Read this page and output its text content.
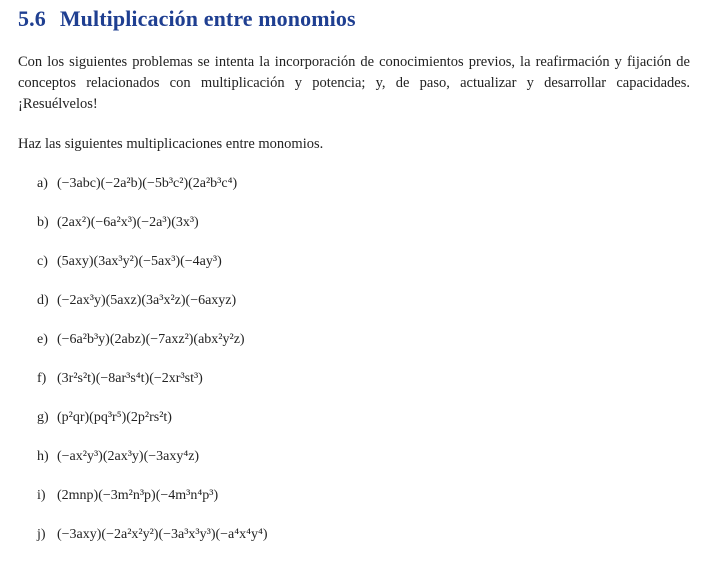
5.6 Multiplicación entre monomios

Con los siguientes problemas se intenta la incorporación de conocimientos previos, la reafirmación y fijación de conceptos relacionados con multiplicación y potencia; y, de paso, actualizar y desarrollar capacidades. ¡Resuélvelos!

Haz las siguientes multiplicaciones entre monomios.

a) (−3abc)(−2a²b)(−5b³c²)(2a²b³c⁴)
b) (2ax²)(−6a²x³)(−2a³)(3x³)
c) (5axy)(3ax³y²)(−5ax³)(−4ay³)
d) (−2ax³y)(5axz)(3a³x²z)(−6axyz)
e) (−6a²b³y)(2abz)(−7axz²)(abx²y²z)
f) (3r²s²t)(−8ar³s⁴t)(−2xr³st³)
g) (p²qr)(pq³r⁵)(2p²rs²t)
h) (−ax²y³)(2ax³y)(−3axy⁴z)
i) (2mnp)(−3m²n³p)(−4m³n⁴p³)
j) (−3axy)(−2a²x²y²)(−3a³x³y³)(−a⁴x⁴y⁴)
